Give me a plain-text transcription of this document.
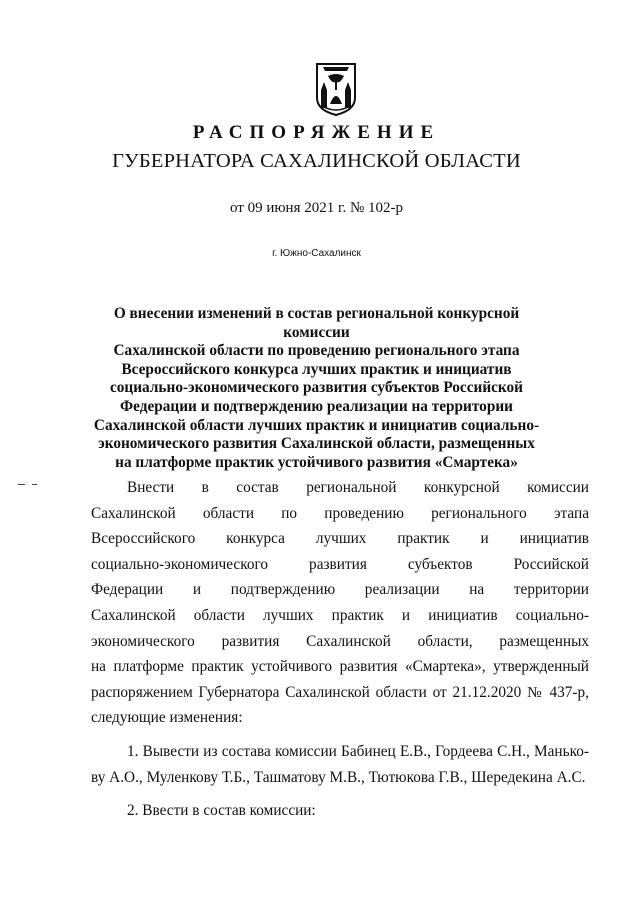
РАСПОРЯЖЕНИЕ
ГУБЕРНАТОРА САХАЛИНСКОЙ ОБЛАСТИ
от 09 июня 2021 г. № 102-р
г. Южно-Сахалинск
О внесении изменений в состав региональной конкурсной комиссии
Сахалинской области по проведению регионального этапа
Всероссийского конкурса лучших практик и инициатив
социально-экономического развития субъектов Российской
Федерации и подтверждению реализации на территории
Сахалинской области лучших практик и инициатив социально-
экономического развития Сахалинской области, размещенных
на платформе практик устойчивого развития «Смартека»
Внести в состав региональной конкурсной комиссии
Сахалинской области по проведению регионального этапа
Всероссийского конкурса лучших практик и инициатив
социально-экономического развития субъектов Российской
Федерации и подтверждению реализации на территории
Сахалинской области лучших практик и инициатив социально-
экономического развития Сахалинской области, размещенных
на платформе практик устойчивого развития «Смартека», утвержденный
распоряжением Губернатора Сахалинской области от 21.12.2020 № 437-р,
следующие изменения:
1. Вывести из состава комиссии Бабинец Е.В., Гордеева С.Н., Манько-
ву А.О., Муленкову Т.Б., Ташматову М.В., Тютюкова Г.В., Шередекина А.С.
2. Ввести в состав комиссии:
